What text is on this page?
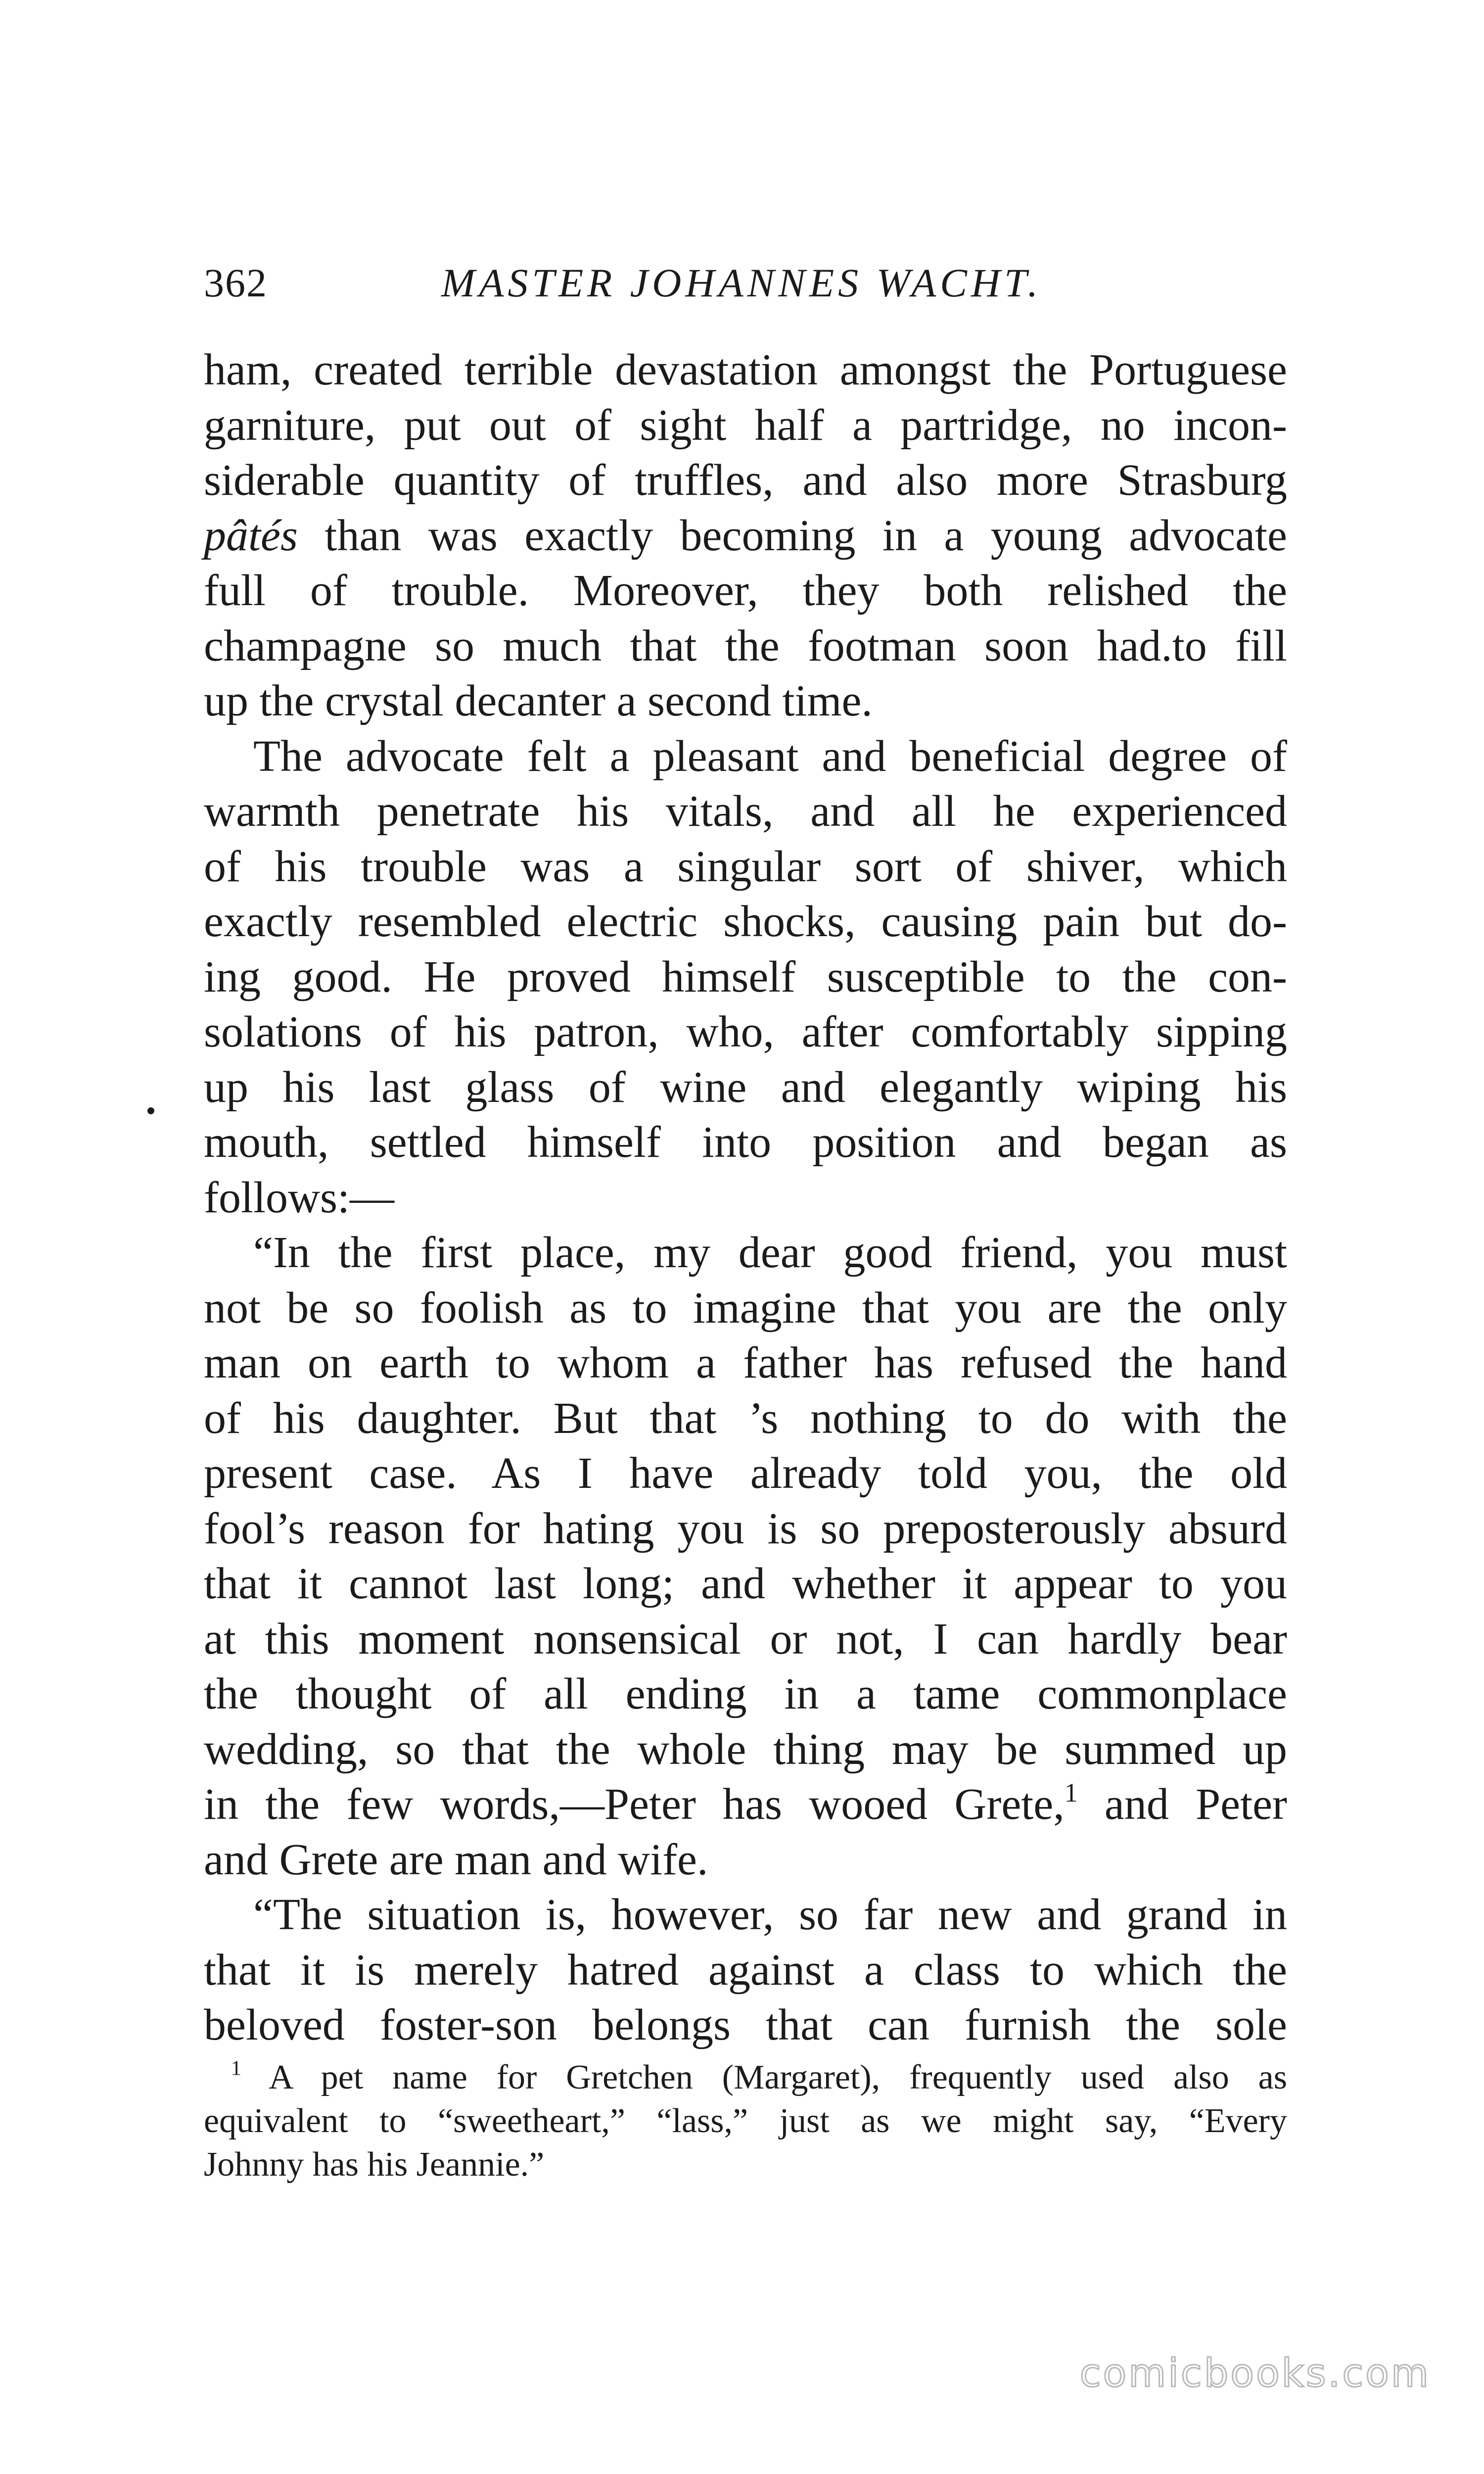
362	MASTER JOHANNES WACHT.
ham, created terrible devastation amongst the Portuguese
garniture, put out of sight half a partridge, no incon-
siderable quantity of truffles, and also more Strasburg
pâtés than was exactly becoming in a young advocate
full of trouble. Moreover, they both relished the
champagne so much that the footman soon had.to fill
up the crystal decanter a second time.
The advocate felt a pleasant and beneficial degree of
warmth penetrate his vitals, and all he experienced
of his trouble was a singular sort of shiver, which
exactly resembled electric shocks, causing pain but do-
ing good. He proved himself susceptible to the con-
solations of his patron, who, after comfortably sipping
up his last glass of wine and elegantly wiping his
mouth, settled himself into position and began as
follows:—
“In the first place, my dear good friend, you must
not be so foolish as to imagine that you are the only
man on earth to whom a father has refused the hand
of his daughter. But that ’s nothing to do with the
present case. As I have already told you, the old
fool’s reason for hating you is so preposterously absurd
that it cannot last long; and whether it appear to you
at this moment nonsensical or not, I can hardly bear
the thought of all ending in a tame commonplace
wedding, so that the whole thing may be summed up
in the few words,—Peter has wooed Grete,$^1$ and Peter
and Grete are man and wife.
“The situation is, however, so far new and grand in
that it is merely hatred against a class to which the
beloved foster-son belongs that can furnish the sole
$^1$ A pet name for Gretchen (Margaret), frequently used also as
equivalent to “sweetheart,” “lass,” just as we might say, “Every
Johnny has his Jeannie.”
comicbooks.com
